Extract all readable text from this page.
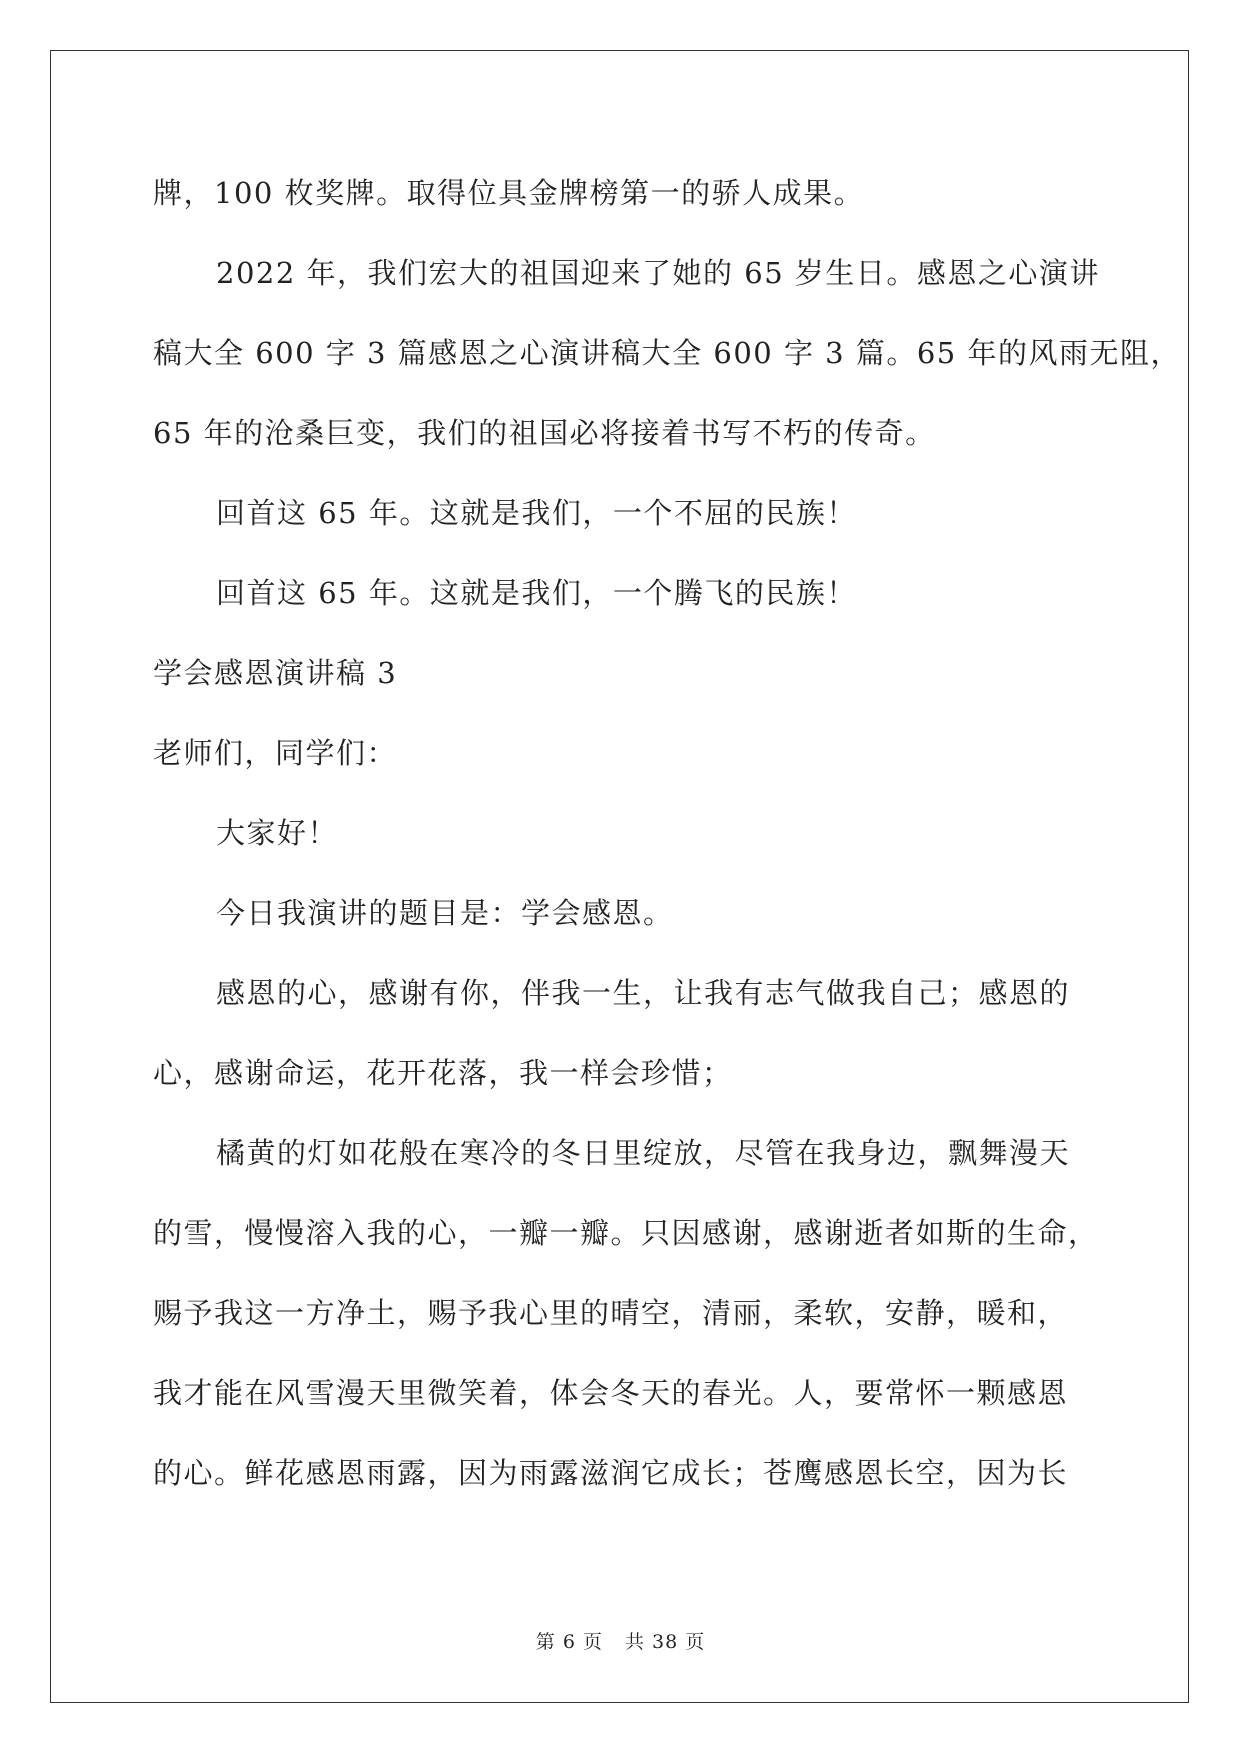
牌，100 枚奖牌。取得位具金牌榜第一的骄人成果。
2022 年，我们宏大的祖国迎来了她的 65 岁生日。感恩之心演讲
稿大全 600 字 3 篇感恩之心演讲稿大全 600 字 3 篇。65 年的风雨无阻，
65 年的沧桑巨变，我们的祖国必将接着书写不朽的传奇。
回首这 65 年。这就是我们，一个不屈的民族！
回首这 65 年。这就是我们，一个腾飞的民族！
学会感恩演讲稿 3
老师们，同学们：
大家好！
今日我演讲的题目是：学会感恩。
感恩的心，感谢有你，伴我一生，让我有志气做我自己；感恩的
心，感谢命运，花开花落，我一样会珍惜；
橘黄的灯如花般在寒冷的冬日里绽放，尽管在我身边，飘舞漫天
的雪，慢慢溶入我的心，一瓣一瓣。只因感谢，感谢逝者如斯的生命，
赐予我这一方净土，赐予我心里的晴空，清丽，柔软，安静，暖和，
我才能在风雪漫天里微笑着，体会冬天的春光。人，要常怀一颗感恩
的心。鲜花感恩雨露，因为雨露滋润它成长；苍鹰感恩长空，因为长
第 6 页 共 38 页
